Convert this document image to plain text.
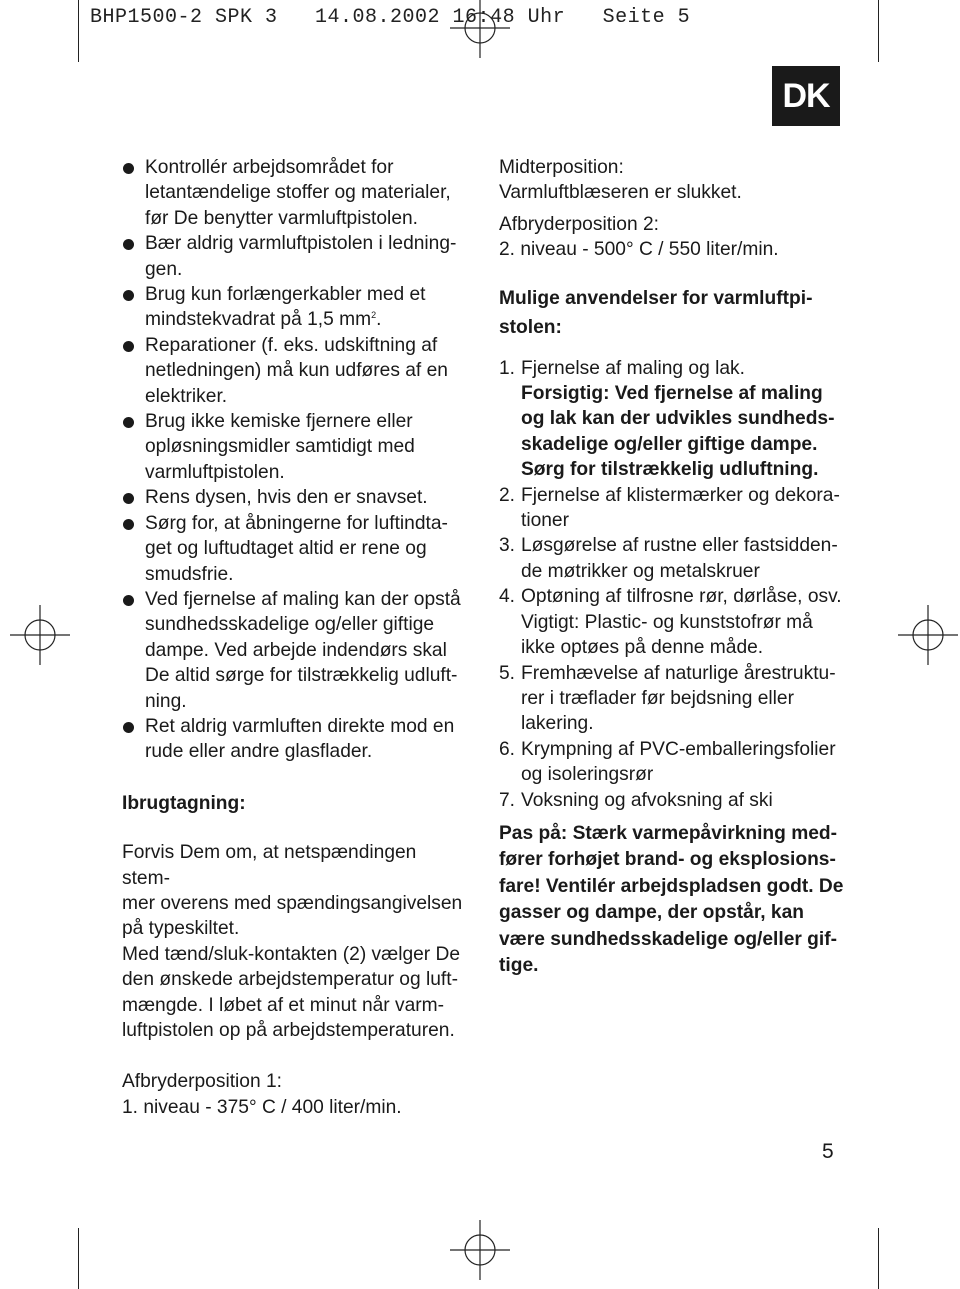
BHP1500-2 SPK 3   14.08.2002 16:48 Uhr   Seite 5
DK
Kontrollér arbejdsområdet for
letantændelige stoffer og materialer,
før De benytter varmluftpistolen.
Bær aldrig varmluftpistolen i ledning-
gen.
Brug kun forlængerkabler med et
mindstekvadrat på 1,5 $mm^2$.
Reparationer (f. eks. udskiftning af
netledningen) må kun udføres af en
elektriker.
Brug ikke kemiske fjernere eller
opløsningsmidler samtidigt med
varmluftpistolen.
Rens dysen, hvis den er snavset.
Sørg for, at åbningerne for luftindta-
get og luftudtaget altid er rene og
smudsfrie.
Ved fjernelse af maling kan der opstå
sundhedsskadelige og/eller giftige
dampe. Ved arbejde indendørs skal
De altid sørge for tilstrækkelig udluft-
ning.
Ret aldrig varmluften direkte mod en
rude eller andre glasflader.

Ibrugtagning:

Forvis Dem om, at netspændingen stem-
mer overens med spændingsangivelsen
på typeskiltet.

Med tænd/sluk-kontakten (2) vælger De
den ønskede arbejdstemperatur og luft-
mængde. I løbet af et minut når varm-
luftpistolen op på arbejdstemperaturen.

Afbryderposition 1:
1. niveau - 375° C / 400 liter/min.

Midterposition:
Varmluftblæseren er slukket.

Afbryderposition 2:
2. niveau - 500° C / 550 liter/min.

Mulige anvendelser for varmluftpi-
stolen:

1. Fjernelse af maling og lak.
Forsigtig: Ved fjernelse af maling
og lak kan der udvikles sundheds-
skadelige og/eller giftige dampe.
Sørg for tilstrækkelig udluftning.
2. Fjernelse af klistermærker og dekora-
tioner
3. Løsgørelse af rustne eller fastsidden-
de møtrikker og metalskruer
4. Optøning af tilfrosne rør, dørlåse, osv.
Vigtigt: Plastic- og kunststofrør må
ikke optøes på denne måde.
5. Fremhævelse af naturlige årestruktu-
rer i træflader før bejdsning eller
lakering.
6. Krympning af PVC-emballeringsfolier
og isoleringsrør
7. Voksning og afvoksning af ski

Pas på: Stærk varmepåvirkning med-
fører forhøjet brand- og eksplosions-
fare! Ventilér arbejdspladsen godt. De
gasser og dampe, der opstår, kan
være sundhedsskadelige og/eller gif-
tige.

5
